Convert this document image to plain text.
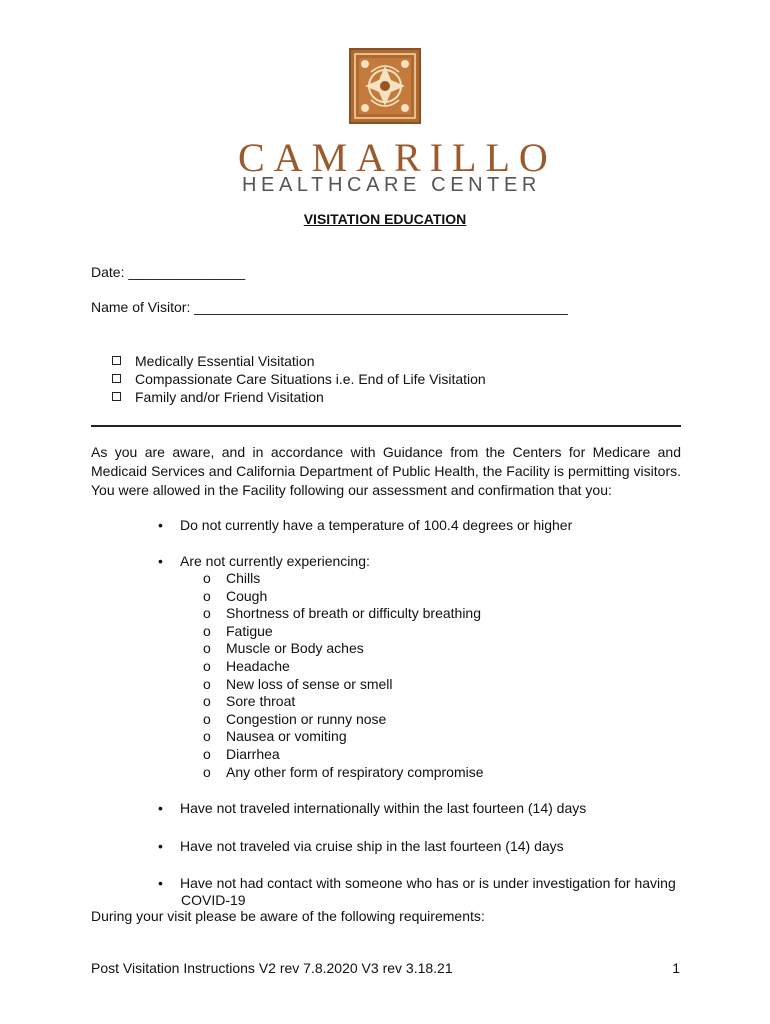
CAMARILLO
HEALTHCARE CENTER
VISITATION EDUCATION
Date: _______________
Name of Visitor: ________________________________________________
Medically Essential Visitation
Compassionate Care Situations i.e. End of Life Visitation
Family and/or Friend Visitation
As you are aware, and in accordance with Guidance from the Centers for Medicare and Medicaid Services and California Department of Public Health, the Facility is permitting visitors. You were allowed in the Facility following our assessment and confirmation that you:
• Do not currently have a temperature of 100.4 degrees or higher
• Are not currently experiencing:
o Chills
o Cough
o Shortness of breath or difficulty breathing
o Fatigue
o Muscle or Body aches
o Headache
o New loss of sense or smell
o Sore throat
o Congestion or runny nose
o Nausea or vomiting
o Diarrhea
o Any other form of respiratory compromise
• Have not traveled internationally within the last fourteen (14) days
• Have not traveled via cruise ship in the last fourteen (14) days
• Have not had contact with someone who has or is under investigation for having
COVID-19
During your visit please be aware of the following requirements:
Post Visitation Instructions V2 rev 7.8.2020 V3 rev 3.18.21	1
